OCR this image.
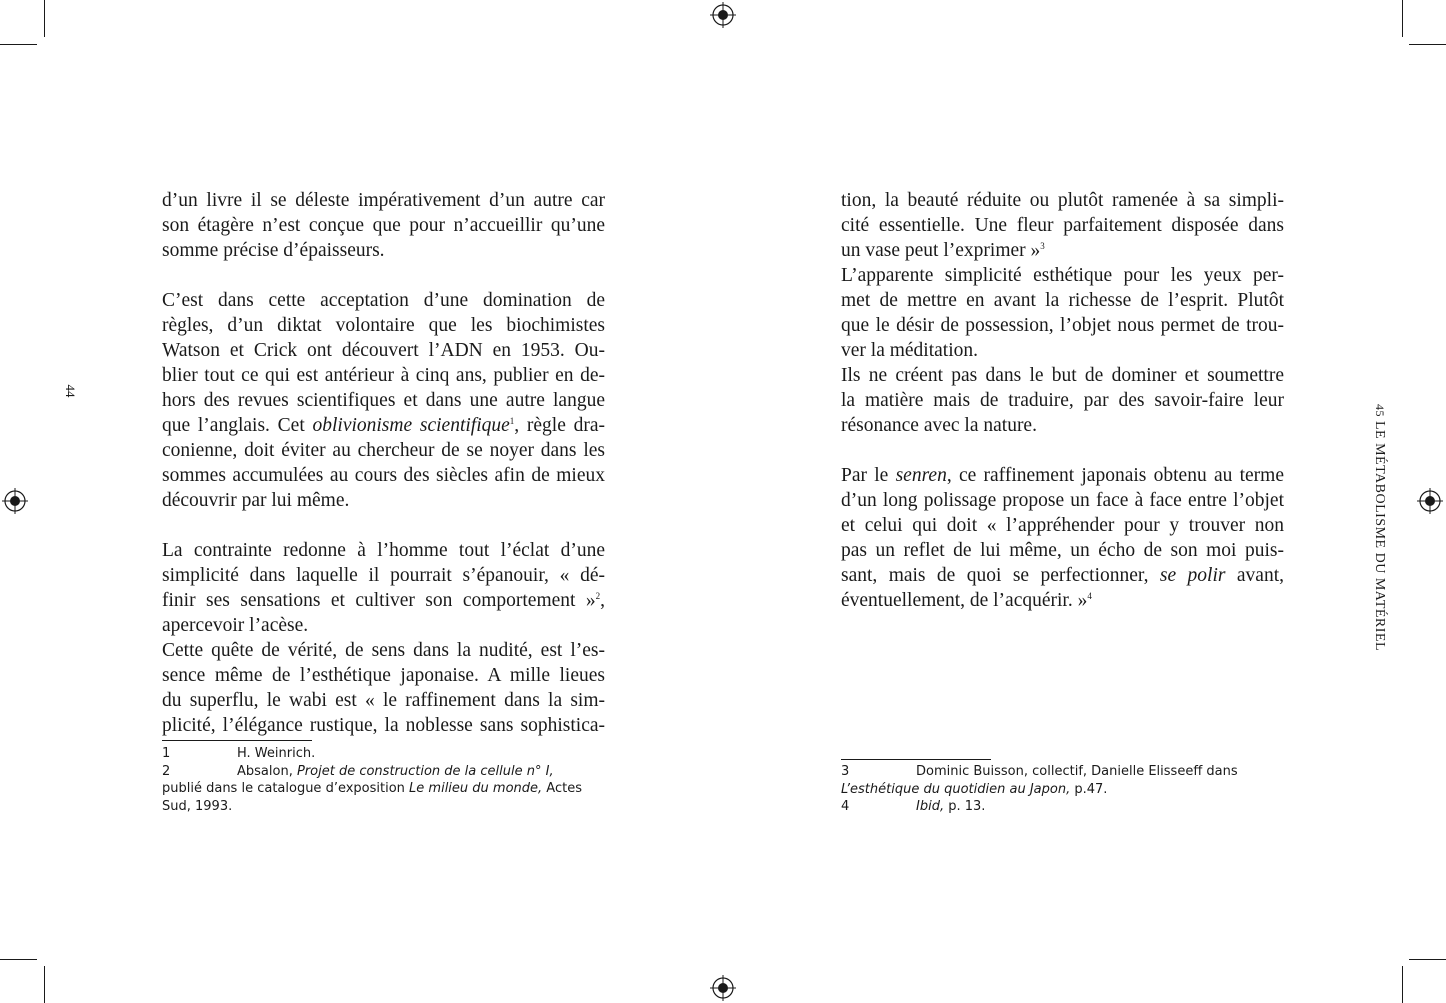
44
d’un livre il se déleste impérativement d’un autre car
son étagère n’est conçue que pour n’accueillir qu’une
somme précise d’épaisseurs.
C’est dans cette acceptation d’une domination de
règles, d’un diktat volontaire que les biochimistes
Watson et Crick ont découvert l’ADN en 1953. Ou-
blier tout ce qui est antérieur à cinq ans, publier en de-
hors des revues scientifiques et dans une autre langue
que l’anglais. Cet oblivionisme scientifique$^1$, règle dra-
conienne, doit éviter au chercheur de se noyer dans les
sommes accumulées au cours des siècles afin de mieux
découvrir par lui même.
La contrainte redonne à l’homme tout l’éclat d’une
simplicité dans laquelle il pourrait s’épanouir, « dé-
finir ses sensations et cultiver son comportement »$^2$,
apercevoir l’acèse.
Cette quête de vérité, de sens dans la nudité, est l’es-
sence même de l’esthétique japonaise. A mille lieues
du superflu, le wabi est « le raffinement dans la sim-
plicité, l’élégance rustique, la noblesse sans sophistica-
1	H. Weinrich.
2	Absalon, Projet de construction de la cellule n° I,
publié dans le catalogue d’exposition Le milieu du monde, Actes
Sud, 1993.
tion, la beauté réduite ou plutôt ramenée à sa simpli-
cité essentielle. Une fleur parfaitement disposée dans
un vase peut l’exprimer »$^3$
L’apparente simplicité esthétique pour les yeux per-
met de mettre en avant la richesse de l’esprit. Plutôt
que le désir de possession, l’objet nous permet de trou-
ver la méditation.
Ils ne créent pas dans le but de dominer et soumettre
la matière mais de traduire, par des savoir-faire leur
résonance avec la nature.
Par le senren, ce raffinement japonais obtenu au terme
d’un long polissage propose un face à face entre l’objet
et celui qui doit « l’appréhender pour y trouver non
pas un reflet de lui même, un écho de son moi puis-
sant, mais de quoi se perfectionner, se polir avant,
éventuellement, de l’acquérir. »$^4$
3	Dominic Buisson, collectif, Danielle Elisseeff dans
L’esthétique du quotidien au Japon, p.47.
4	Ibid, p. 13.
45LE MÉTABOLISME DU MATÉRIEL
